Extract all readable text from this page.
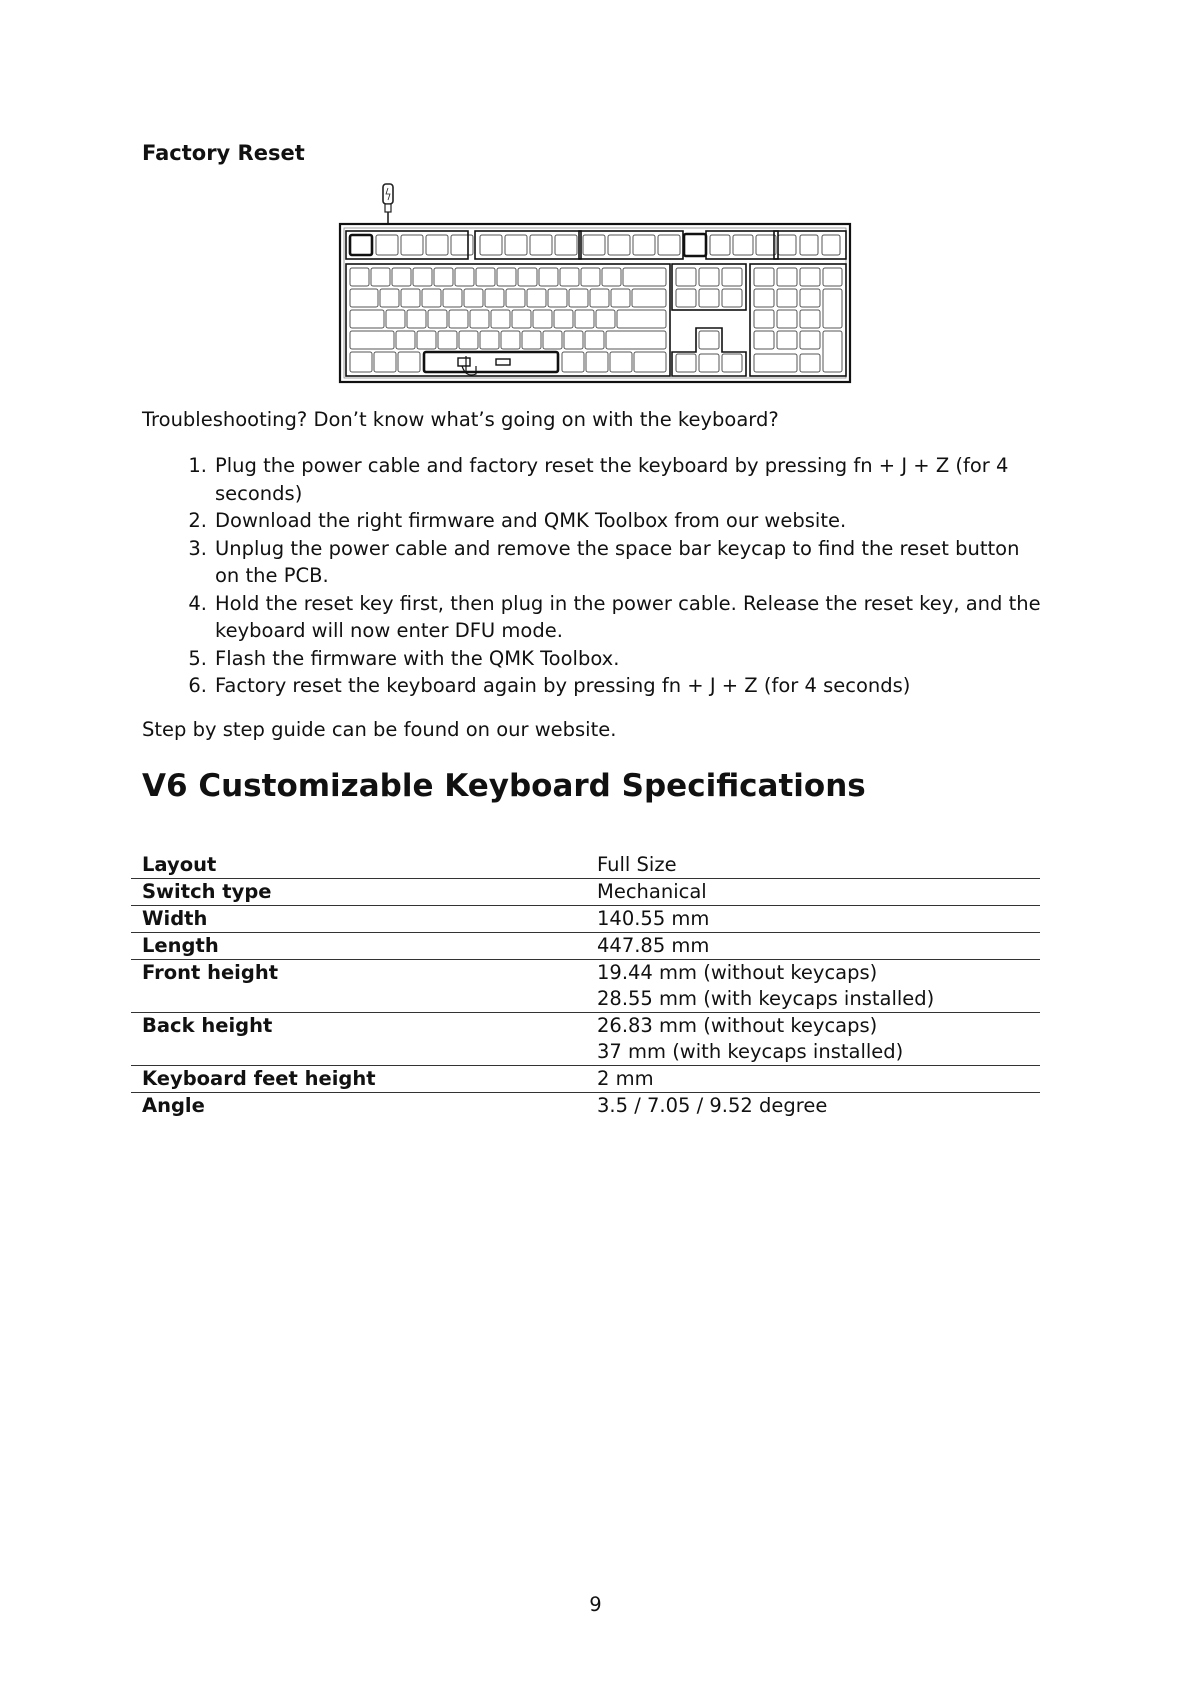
Factory Reset

Troubleshooting? Don’t know what’s going on with the keyboard?

1. Plug the power cable and factory reset the keyboard by pressing fn + J + Z (for 4 seconds)
2. Download the right firmware and QMK Toolbox from our website.
3. Unplug the power cable and remove the space bar keycap to find the reset button on the PCB.
4. Hold the reset key first, then plug in the power cable. Release the reset key, and the keyboard will now enter DFU mode.
5. Flash the firmware with the QMK Toolbox.
6. Factory reset the keyboard again by pressing fn + J + Z (for 4 seconds)

Step by step guide can be found on our website.

V6 Customizable Keyboard Specifications
Layout	Full Size
Switch type	Mechanical
Width	140.55 mm
Length	447.85 mm
Front height	19.44 mm (without keycaps)
28.55 mm (with keycaps installed)

Back height	26.83 mm (without keycaps)
37 mm (with keycaps installed)

Keyboard feet height	2 mm
Angle	3.5 / 7.05 / 9.52 degree
9
